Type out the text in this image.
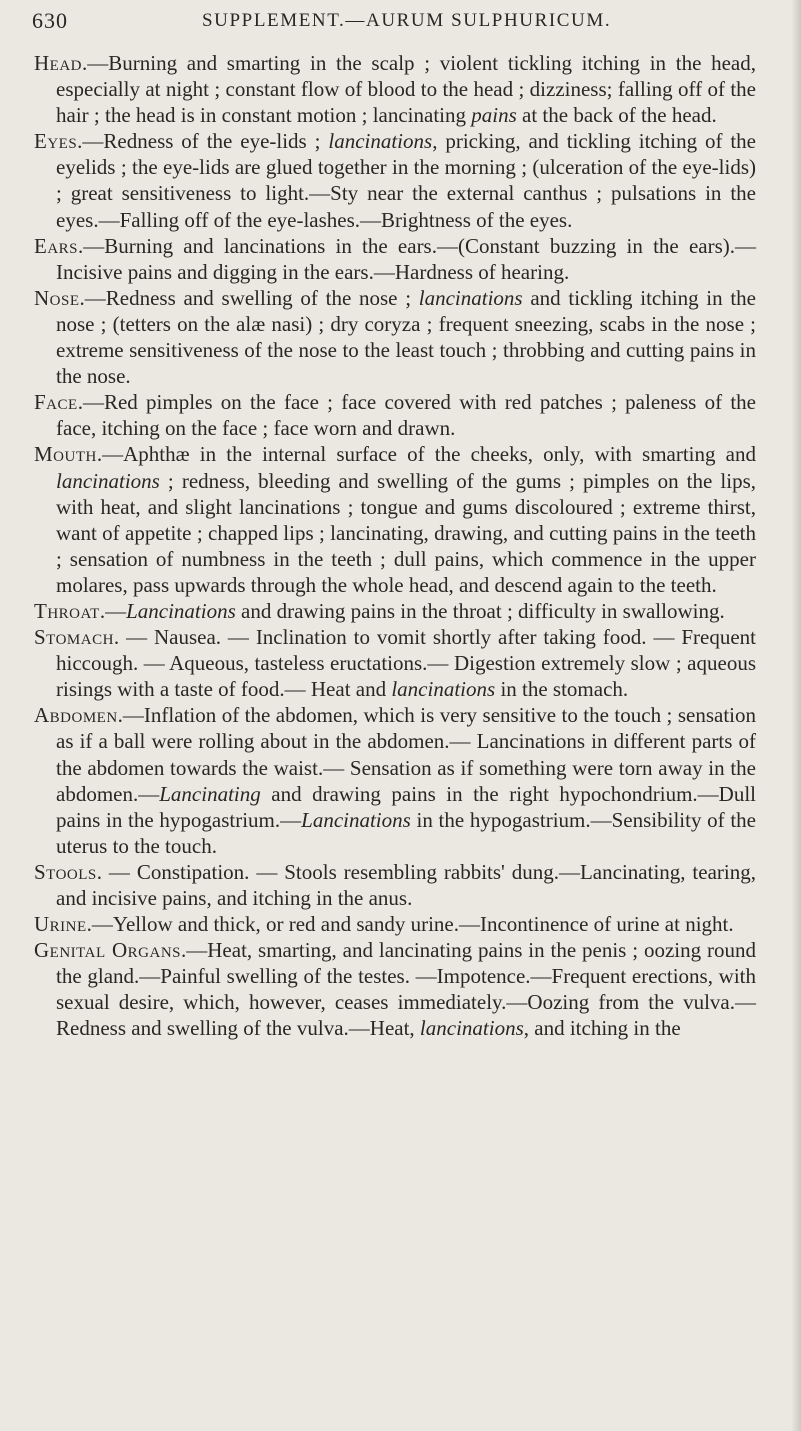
630	SUPPLEMENT.—AURUM SULPHURICUM.

Head.—Burning and smarting in the scalp ; violent tickling itching in the head, especially at night ; constant flow of blood to the head ; dizziness; falling off of the hair ; the head is in constant motion ; lancinating pains at the back of the head.

Eyes.—Redness of the eye-lids ; lancinations, pricking, and tickling itching of the eyelids ; the eye-lids are glued together in the morning ; (ulceration of the eye-lids) ; great sensitiveness to light.—Sty near the external canthus ; pulsations in the eyes.—Falling off of the eye-lashes.—Brightness of the eyes.

Ears.—Burning and lancinations in the ears.—(Constant buzzing in the ears).—Incisive pains and digging in the ears.—Hardness of hearing.

Nose.—Redness and swelling of the nose ; lancinations and tickling itching in the nose ; (tetters on the alæ nasi) ; dry coryza ; frequent sneezing, scabs in the nose ; extreme sensitiveness of the nose to the least touch ; throbbing and cutting pains in the nose.

Face.—Red pimples on the face ; face covered with red patches ; paleness of the face, itching on the face ; face worn and drawn.

Mouth.—Aphthæ in the internal surface of the cheeks, only, with smarting and lancinations ; redness, bleeding and swelling of the gums ; pimples on the lips, with heat, and slight lancinations ; tongue and gums discoloured ; extreme thirst, want of appetite ; chapped lips ; lancinating, drawing, and cutting pains in the teeth ; sensation of numbness in the teeth ; dull pains, which commence in the upper molares, pass upwards through the whole head, and descend again to the teeth.

Throat.—Lancinations and drawing pains in the throat ; difficulty in swallowing.

Stomach. — Nausea. — Inclination to vomit shortly after taking food. — Frequent hiccough. — Aqueous, tasteless eructations.— Digestion extremely slow ; aqueous risings with a taste of food.— Heat and lancinations in the stomach.

Abdomen.—Inflation of the abdomen, which is very sensitive to the touch ; sensation as if a ball were rolling about in the abdomen.— Lancinations in different parts of the abdomen towards the waist.— Sensation as if something were torn away in the abdomen.—Lancinating and drawing pains in the right hypochondrium.—Dull pains in the hypogastrium.—Lancinations in the hypogastrium.—Sensibility of the uterus to the touch.

Stools. — Constipation. — Stools resembling rabbits' dung.—Lancinating, tearing, and incisive pains, and itching in the anus.

Urine.—Yellow and thick, or red and sandy urine.—Incontinence of urine at night.

Genital Organs.—Heat, smarting, and lancinating pains in the penis ; oozing round the gland.—Painful swelling of the testes. —Impotence.—Frequent erections, with sexual desire, which, however, ceases immediately.—Oozing from the vulva.—Redness and swelling of the vulva.—Heat, lancinations, and itching in the
